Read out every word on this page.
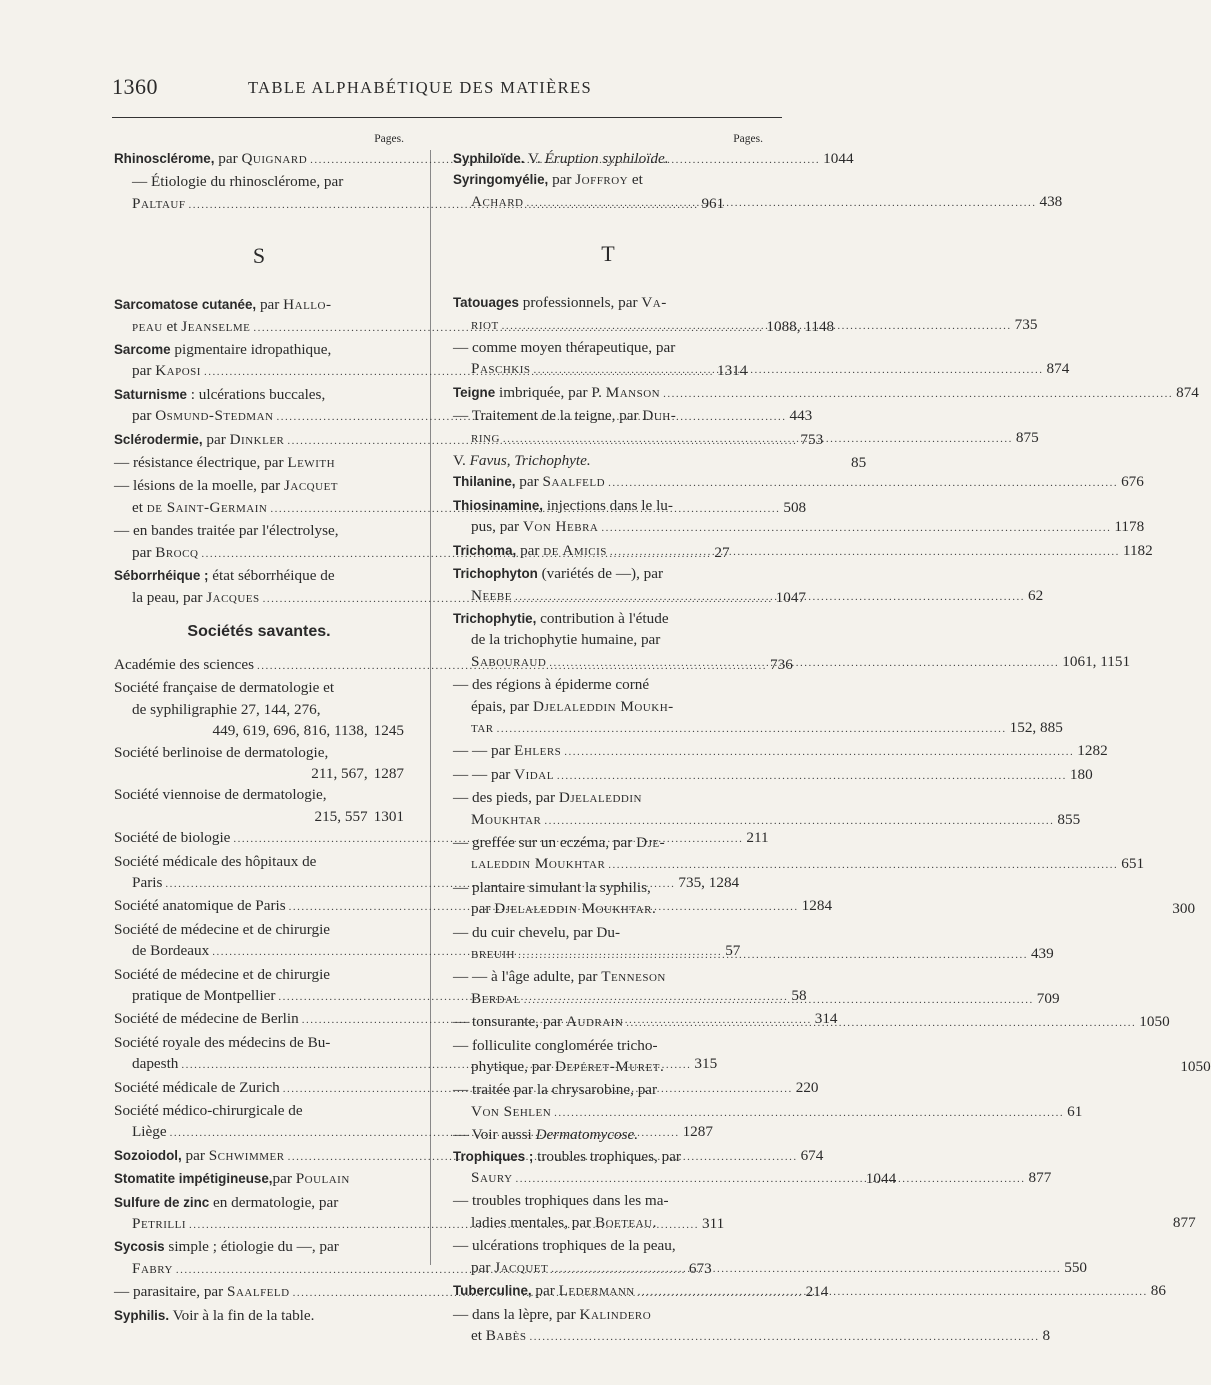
1360	TABLE ALPHABÉTIQUE DES MATIÈRES
Pages.
Rhinosclérome, par Quignard .....	1044
— Étiologie du rhinosclérome, par
Paltauf .....	961
S
Sarcomatose cutanée, par Hallo-
peau et Jeanselme .....	1088, 1148
Sarcome pigmentaire idropathique,
par Kaposi .....	1314
Saturnisme : ulcérations buccales,
par Osmund-Stedman .....	443
Sclérodermie, par Dinkler .....	753
— résistance électrique, par Lewith	85
— lésions de la moelle, par Jacquet
et de Saint-Germain .....	508
— en bandes traitée par l'électrolyse,
par Brocq .....	27
Séborrhéique ; état séborrhéique de
la peau, par Jacques .....	1047
Sociétés savantes.
Académie des sciences .....	736
Société française de dermatologie et
de syphiligraphie 27, 144, 276,
449, 619, 696, 816, 1138, 1245
Société berlinoise de dermatologie,
211, 567, 1287
Société viennoise de dermatologie,
215, 557 1301
Société de biologie .....	211
Société médicale des hôpitaux de
Paris .....	735, 1284
Société anatomique de Paris .....	1284
Société de médecine et de chirurgie
de Bordeaux .....	57
Société de médecine et de chirurgie
pratique de Montpellier .....	58
Société de médecine de Berlin .....	314
Société royale des médecins de Bu-
dapesth .....	315
Société médicale de Zurich .....	220
Société médico-chirurgicale de
Liège .....	1287
Sozoiodol, par Schwimmer .....	674
Stomatite impétigineuse,par Poulain	1044
Sulfure de zinc en dermatologie, par
Petrilli .....	311
Sycosis simple ; étiologie du —, par
Fabry .....	673
— parasitaire, par Saalfeld .....	214
Syphilis. Voir à la fin de la table.
Pages.
Syphiloïde. V. Éruption syphiloïde.
Syringomyélie, par Joffroy et
Achard .....	438
T
Tatouages professionnels, par Va-
riot .....	735
— comme moyen thérapeutique, par
Paschkis .....	874
Teigne imbriquée, par P. Manson .....	874
— Traitement de la teigne, par Duh-
ring .....	875
V. Favus, Trichophyte.
Thilanine, par Saalfeld .....	676
Thiosinamine, injections dans le lu-
pus, par Von Hebra .....	1178
Trichoma, par de Amicis .....	1182
Trichophyton (variétés de —), par
Neebe .....	62
Trichophytie, contribution à l'étude
de la trichophytie humaine, par
Sabouraud .....	1061, 1151
— des régions à épiderme corné
épais, par Djelaleddin Moukh-
tar .....	152, 885
— — par Ehlers .....	1282
— — par Vidal .....	180
— des pieds, par Djelaleddin
Moukhtar .....	855
— greffée sur un eczéma, par Dje-
laleddin Moukhtar .....	651
— plantaire simulant la syphilis,
par Djelaleddin Moukhtar.	300
— du cuir chevelu, par Du-
breuih .....	439
— — à l'âge adulte, par Tenneson
Berdal .....	709
— tonsurante, par Audrain .....	1050
— folliculite conglomérée tricho-
phytique, par Depéret-Muret.	1050
— traitée par la chrysarobine, par
Von Sehlen .....	61
— Voir aussi Dermatomycose.
Trophiques ; troubles trophiques, par
Saury .....	877
— troubles trophiques dans les ma-
ladies mentales, par Boeteau.	877
— ulcérations trophiques de la peau,
par Jacquet .....	550
Tuberculine, par Ledermann .....	86
— dans la lèpre, par Kalindero
et Babès .....	8
